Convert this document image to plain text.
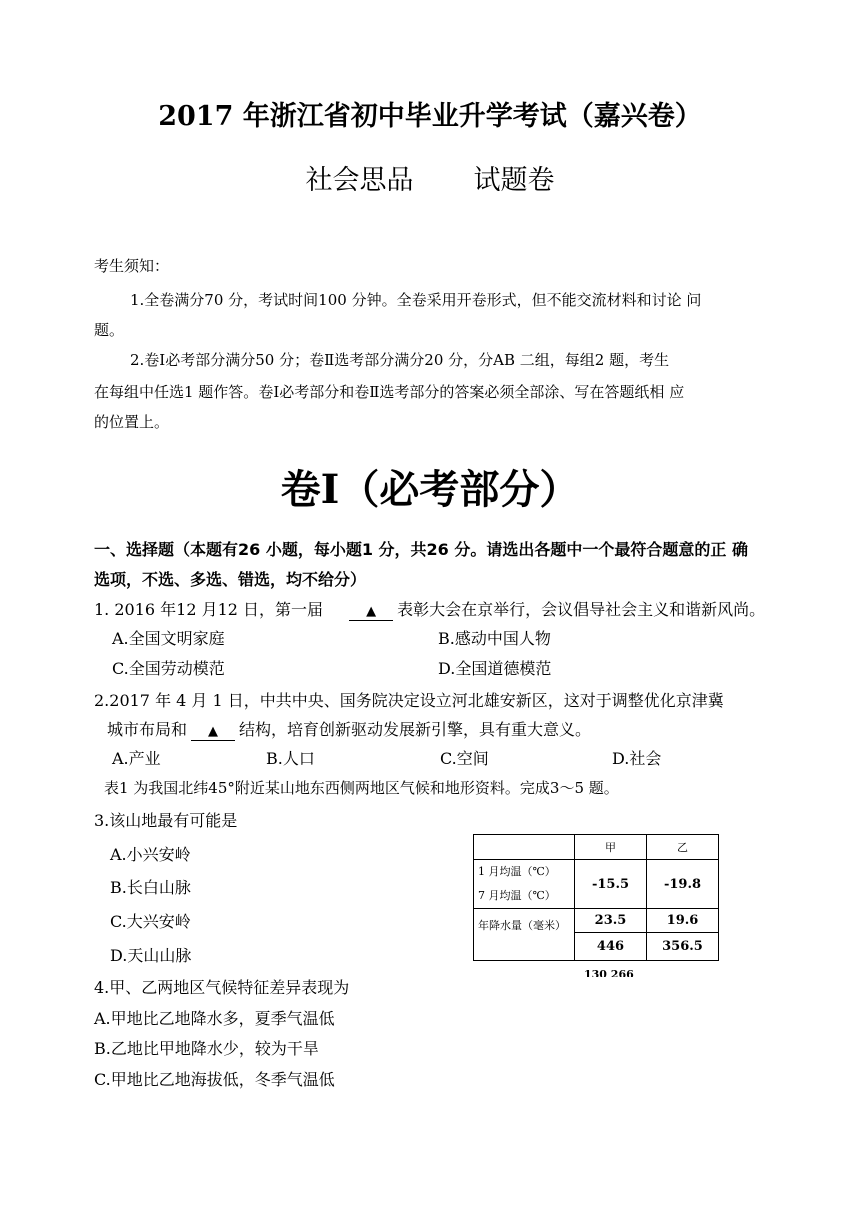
2017 年浙江省初中毕业升学考试（嘉兴卷）
社会思品 试题卷
考生须知：
1.全卷满分70 分，考试时间100 分钟。全卷采用开卷形式，但不能交流材料和讨论 问
题。
2.卷Ⅰ必考部分满分50 分；卷Ⅱ选考部分满分20 分，分AB 二组，每组2 题，考生
在每组中任选1 题作答。卷Ⅰ必考部分和卷Ⅱ选考部分的答案必须全部涂、写在答题纸相 应
的位置上。
卷Ⅰ（必考部分）
一、选择题（本题有26 小题，每小题1 分，共26 分。请选出各题中一个最符合题意的正 确
选项，不选、多选、错选，均不给分）
1. 2016 年12 月12 日，第一届	▲ 表彰大会在京举行，会议倡导社会主义和谐新风尚。
A.全国文明家庭	B.感动中国人物
C.全国劳动模范	D.全国道德模范
2.2017 年 4 月 1 日，中共中央、国务院决定设立河北雄安新区，这对于调整优化京津冀
城市布局和 ▲ 结构，培育创新驱动发展新引擎，具有重大意义。
A.产业	B.人口	C.空间	D.社会
表1 为我国北纬45°附近某山地东西侧两地区气候和地形资料。完成3～5 题。
3.该山地最有可能是
A.小兴安岭
B.长白山脉
C.大兴安岭
D.天山山脉
	甲	乙

1 月均温（℃）
7 月均温（℃）	-15.5	-19.8
年降水量（毫米）	23.5	19.6
	446	356.5
130 266
4.甲、乙两地区气候特征差异表现为
A.甲地比乙地降水多，夏季气温低
B.乙地比甲地降水少，较为干旱
C.甲地比乙地海拔低，冬季气温低
